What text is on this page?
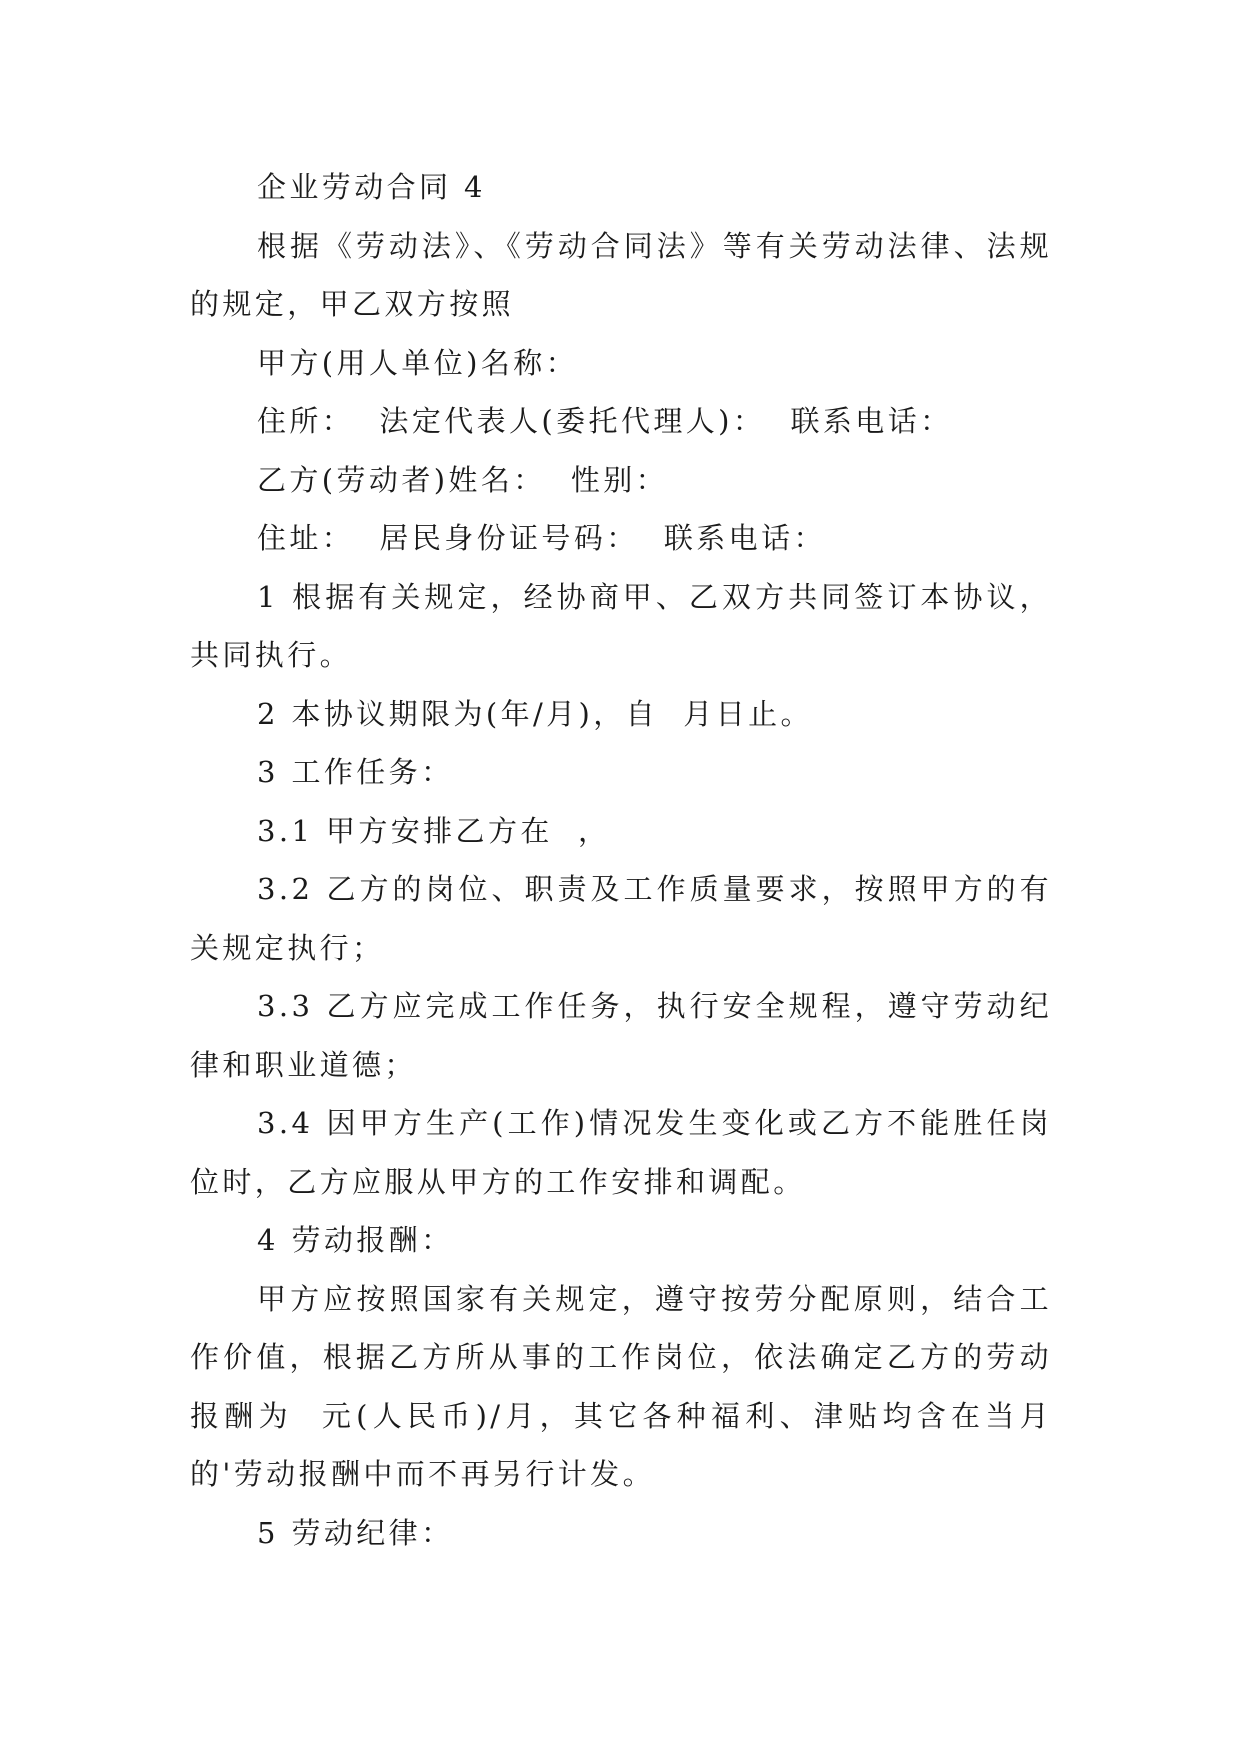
企业劳动合同 4

根据《劳动法》、《劳动合同法》等有关劳动法律、法规的规定，甲乙双方按照

甲方(用人单位)名称：

住所：  法定代表人(委托代理人)：  联系电话：

乙方(劳动者)姓名：  性别：

住址：  居民身份证号码：  联系电话：

1 根据有关规定，经协商甲、乙双方共同签订本协议，共同执行。

2 本协议期限为(年/月)，自  月日止。

3 工作任务：

3.1 甲方安排乙方在  ，

3.2 乙方的岗位、职责及工作质量要求，按照甲方的有关规定执行；

3.3 乙方应完成工作任务，执行安全规程，遵守劳动纪律和职业道德；

3.4 因甲方生产(工作)情况发生变化或乙方不能胜任岗位时，乙方应服从甲方的工作安排和调配。

4 劳动报酬：

甲方应按照国家有关规定，遵守按劳分配原则，结合工作价值，根据乙方所从事的工作岗位，依法确定乙方的劳动报酬为  元(人民币)/月，其它各种福利、津贴均含在当月的'劳动报酬中而不再另行计发。

5 劳动纪律：
